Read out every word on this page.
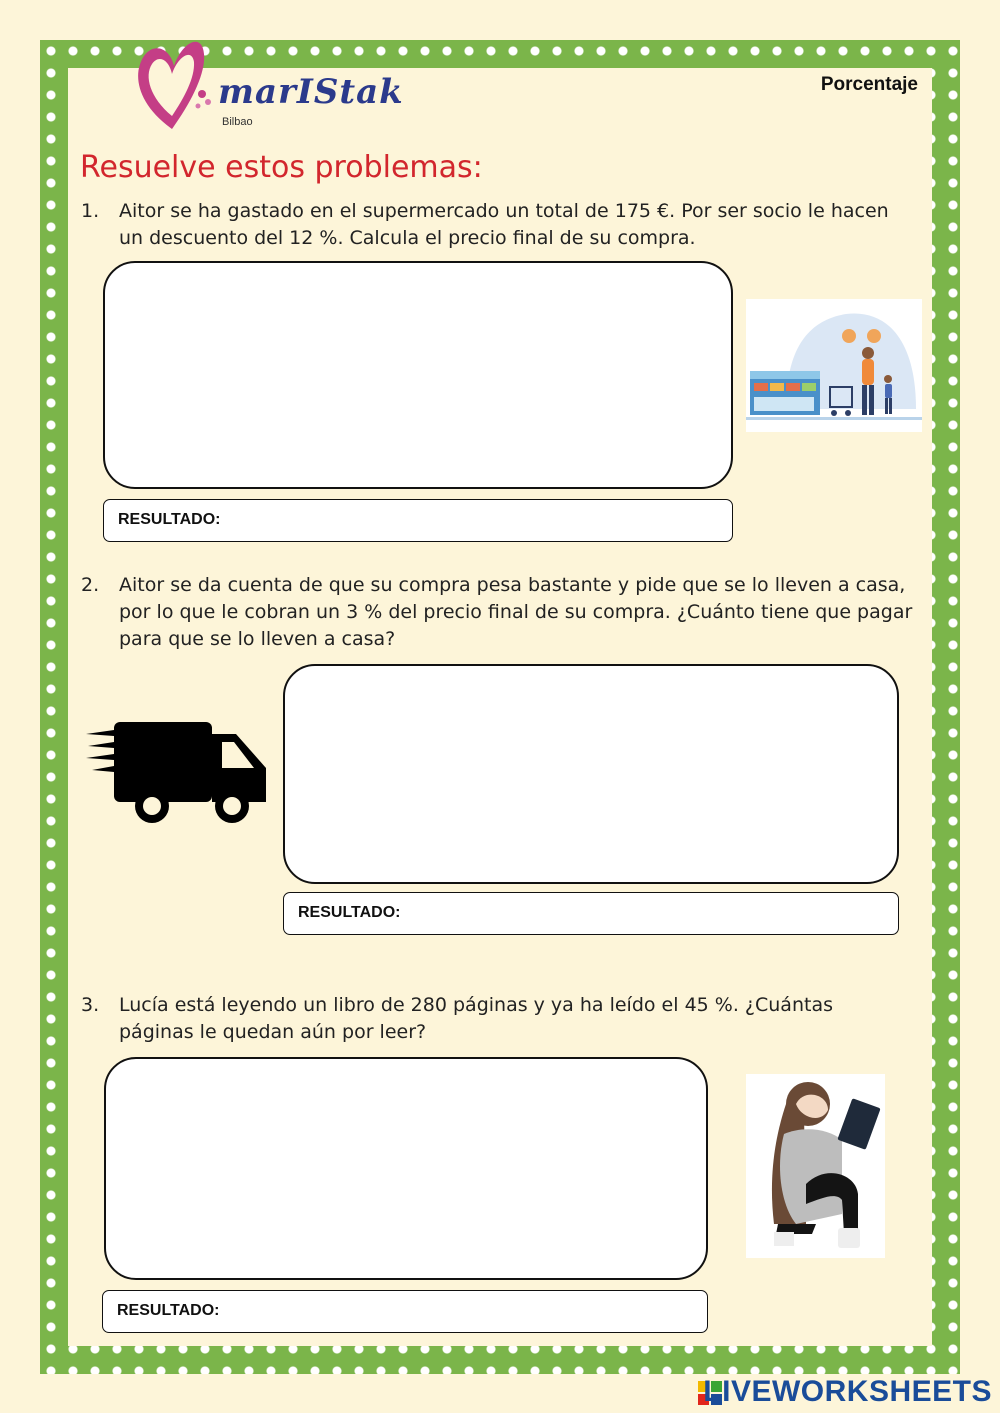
marIStak
Bilbao
Porcentaje
Resuelve estos problemas:
1.	Aitor se ha gastado en el supermercado un total de 175 €. Por ser socio le hacen un descuento del 12 %. Calcula el precio final de su compra.
RESULTADO:
2.	Aitor se da cuenta de que su compra pesa bastante y pide que se lo lleven a casa, por lo que le cobran un 3 % del precio final de su compra. ¿Cuánto tiene que pagar para que se lo lleven a casa?
RESULTADO:
3.	Lucía está leyendo un libro de 280 páginas y ya ha leído el 45 %. ¿Cuántas páginas le quedan aún por leer?
RESULTADO:
LIVEWORKSHEETS
